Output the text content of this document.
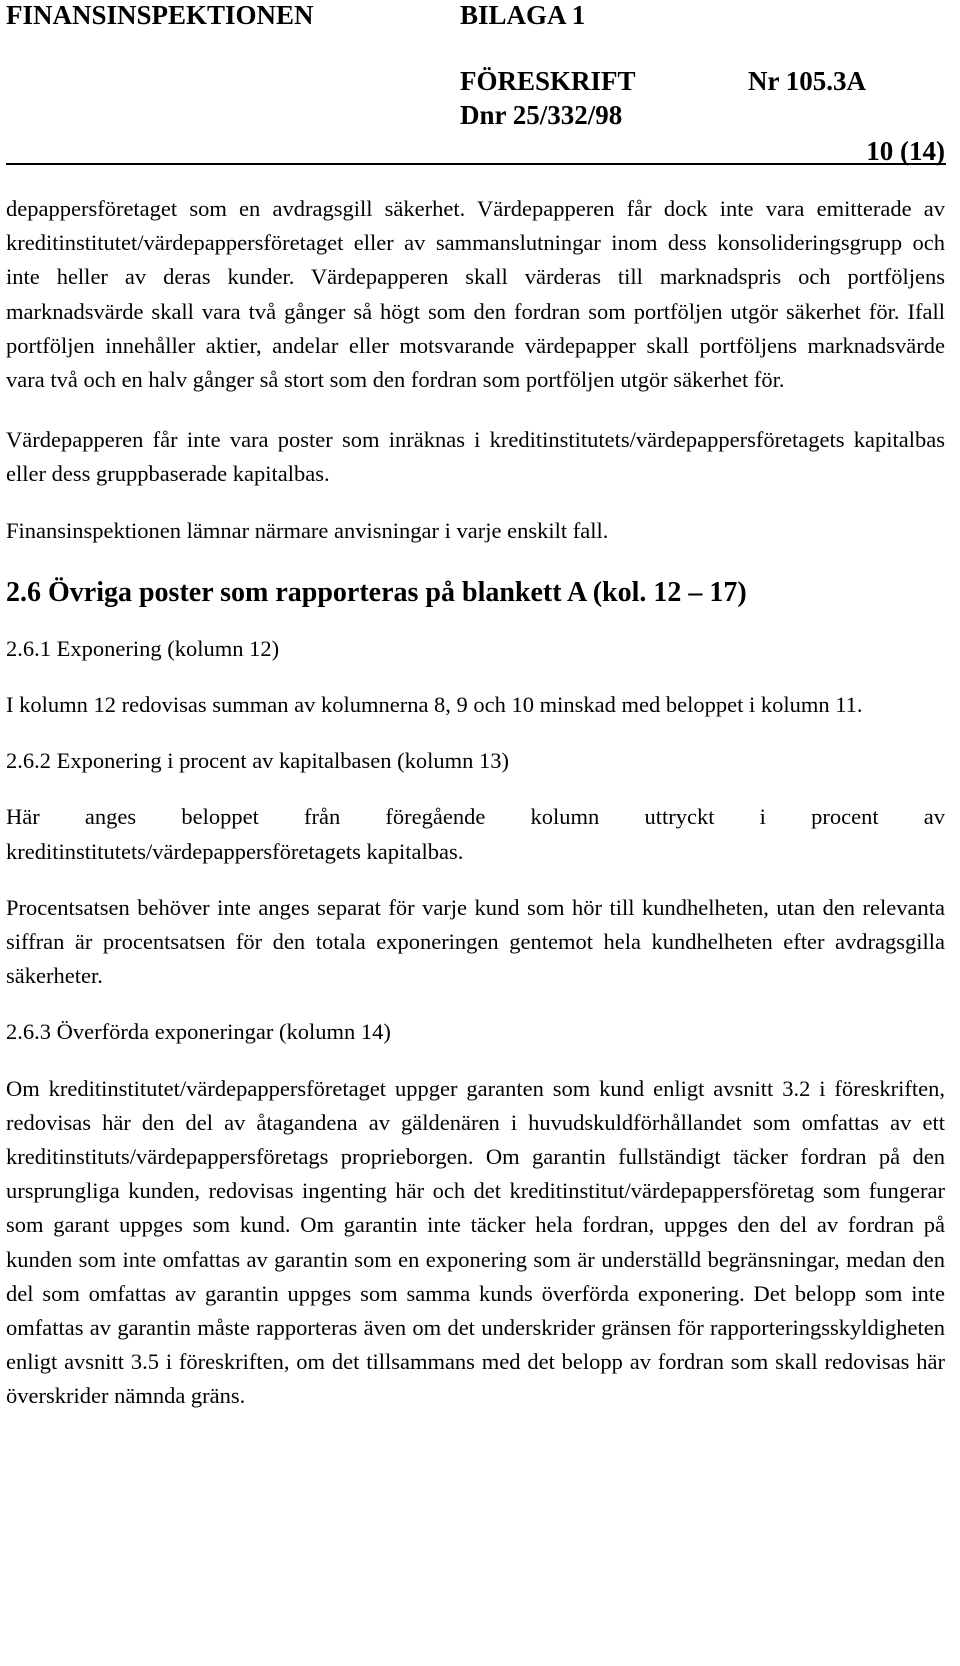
FINANSINSPEKTIONEN	BILAGA 1
FÖRESKRIFT	Nr 105.3A
Dnr 25/332/98
10 (14)

depappersföretaget som en avdragsgill säkerhet. Värdepapperen får dock inte vara emitterade av kreditinstitutet/värdepappersföretaget eller av sammanslutningar inom dess konsolideringsgrupp och inte heller av deras kunder. Värdepapperen skall värderas till marknadspris och portföljens marknadsvärde skall vara två gånger så högt som den fordran som portföljen utgör säkerhet för. Ifall portföljen innehåller aktier, andelar eller motsvarande värdepapper skall portföljens marknadsvärde vara två och en halv gånger så stort som den fordran som portföljen utgör säkerhet för.

Värdepapperen får inte vara poster som inräknas i kreditinstitutets/värdepappersföretagets kapitalbas eller dess gruppbaserade kapitalbas.

Finansinspektionen lämnar närmare anvisningar i varje enskilt fall.

2.6 Övriga poster som rapporteras på blankett A (kol. 12 – 17)

2.6.1 Exponering (kolumn 12)

I kolumn 12 redovisas summan av kolumnerna 8, 9 och 10 minskad med beloppet i kolumn 11.

2.6.2 Exponering i procent av kapitalbasen (kolumn 13)

Här anges beloppet från föregående kolumn uttryckt i procent av kreditinstitutets/värdepappersföretagets kapitalbas.

Procentsatsen behöver inte anges separat för varje kund som hör till kundhelheten, utan den relevanta siffran är procentsatsen för den totala exponeringen gentemot hela kundhelheten efter avdragsgilla säkerheter.

2.6.3 Överförda exponeringar (kolumn 14)

Om kreditinstitutet/värdepappersföretaget uppger garanten som kund enligt avsnitt 3.2 i föreskriften, redovisas här den del av åtagandena av gäldenären i huvudskuldförhållandet som omfattas av ett kreditinstituts/värdepappersföretags proprieborgen. Om garantin fullständigt täcker fordran på den ursprungliga kunden, redovisas ingenting här och det kreditinstitut/värdepappersföretag som fungerar som garant uppges som kund. Om garantin inte täcker hela fordran, uppges den del av fordran på kunden som inte omfattas av garantin som en exponering som är underställd begränsningar, medan den del som omfattas av garantin uppges som samma kunds överförda exponering. Det belopp som inte omfattas av garantin måste rapporteras även om det underskrider gränsen för rapporteringsskyldigheten enligt avsnitt 3.5 i föreskriften, om det tillsammans med det belopp av fordran som skall redovisas här överskrider nämnda gräns.
